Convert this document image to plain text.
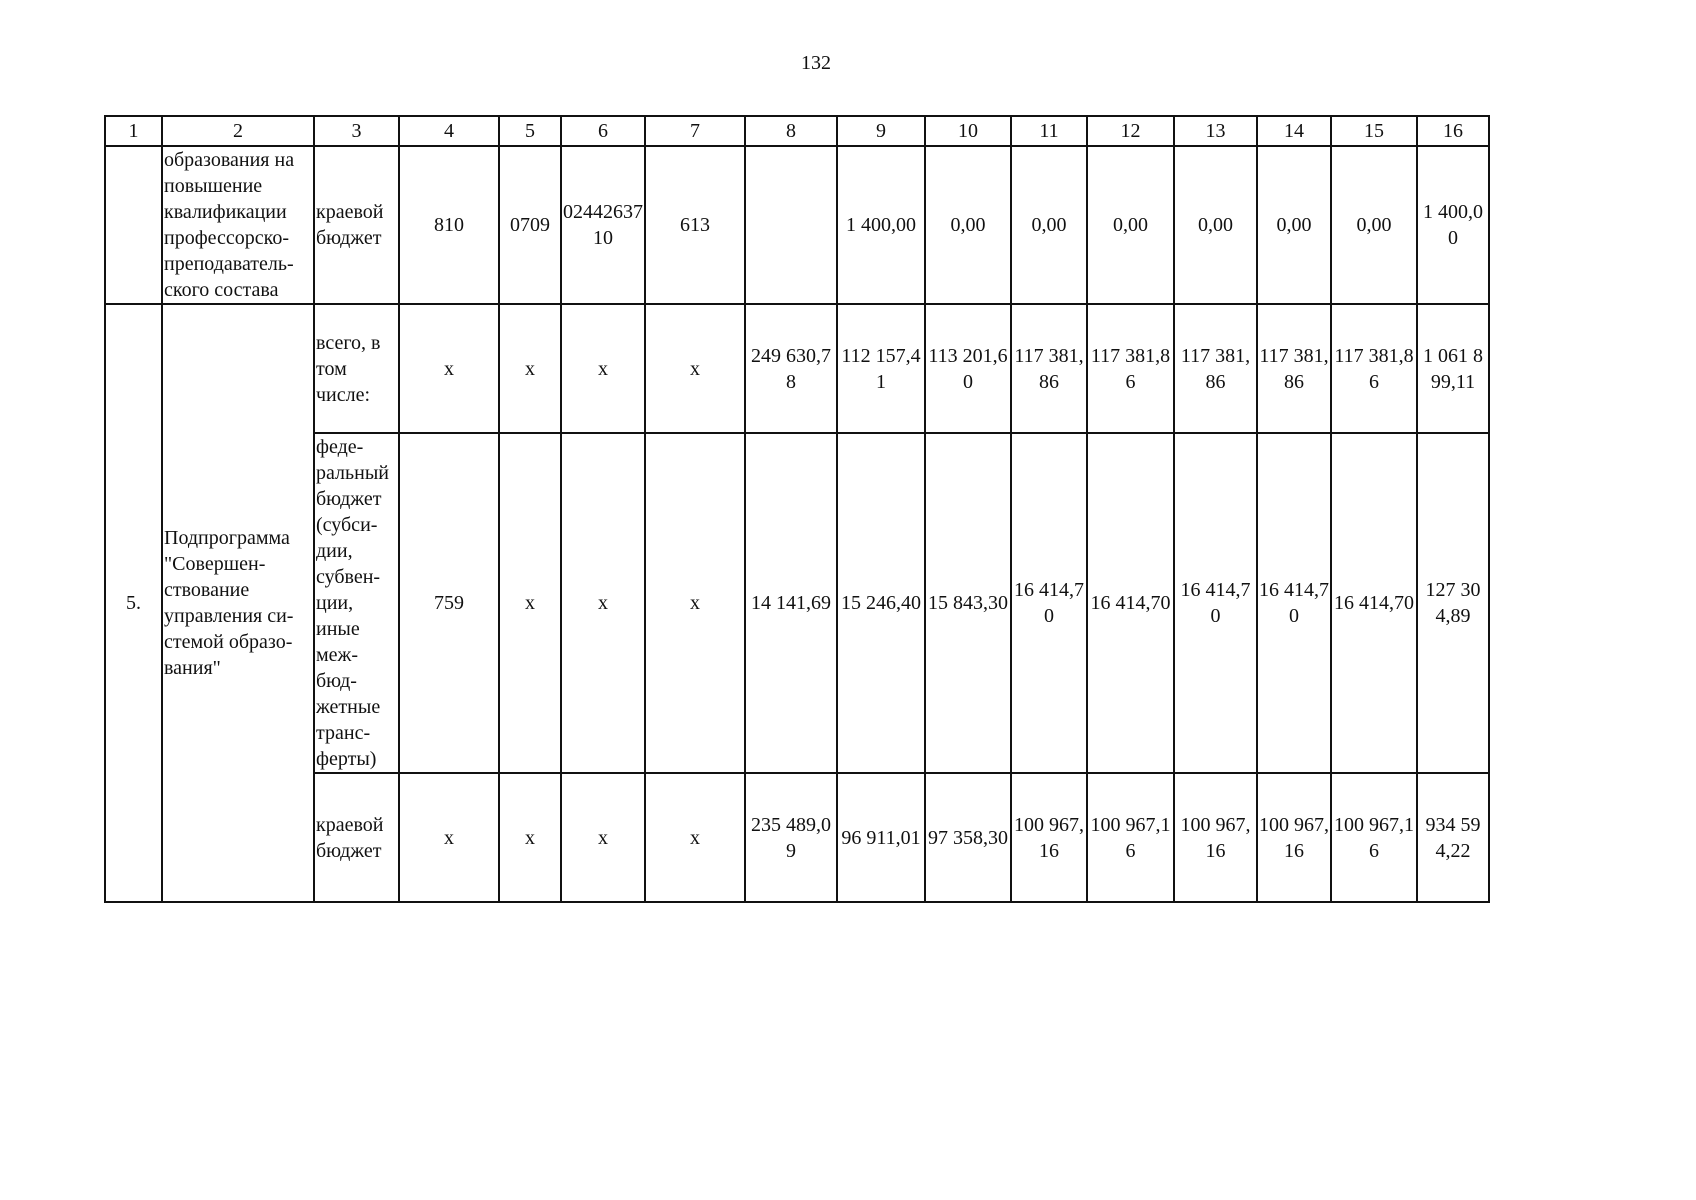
132
1	2	3	4	5	6	7	8	9	10	11	12	13	14	15	16
	образования на повышение квалификации профессорско-преподаватель-ского состава	краевой бюджет	810	0709	0244263710	613		1 400,00	0,00	0,00	0,00	0,00	0,00	0,00	1 400,00
5.	Подпрограмма "Совершен-ствование управления си-стемой образо-вания"	всего, в том числе:	x	x	x	x	249 630,78	112 157,41	113 201,60	117 381,86	117 381,86	117 381,86	117 381,86	117 381,86	1 061 899,11
		феде-ральный бюджет (субси-дии, субвен-ции, иные меж-бюд-жетные транс-ферты)	759	x	x	x	14 141,69	15 246,40	15 843,30	16 414,70	16 414,70	16 414,70	16 414,70	16 414,70	127 304,89
		краевой бюджет	x	x	x	x	235 489,09	96 911,01	97 358,30	100 967,16	100 967,16	100 967,16	100 967,16	100 967,16	934 594,22
